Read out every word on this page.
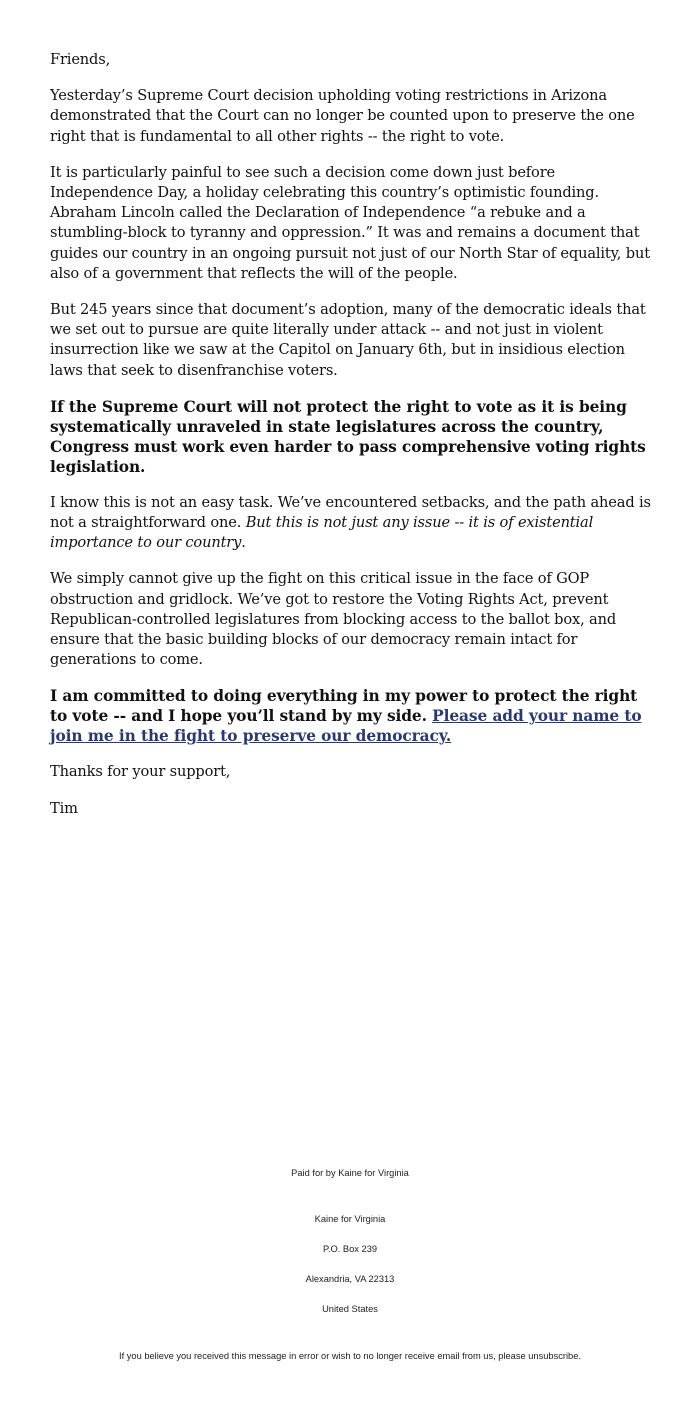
Friends,

Yesterday’s Supreme Court decision upholding voting restrictions in Arizona demonstrated that the Court can no longer be counted upon to preserve the one right that is fundamental to all other rights -- the right to vote.

It is particularly painful to see such a decision come down just before Independence Day, a holiday celebrating this country’s optimistic founding. Abraham Lincoln called the Declaration of Independence “a rebuke and a stumbling-block to tyranny and oppression.” It was and remains a document that guides our country in an ongoing pursuit not just of our North Star of equality, but also of a government that reflects the will of the people.

But 245 years since that document’s adoption, many of the democratic ideals that we set out to pursue are quite literally under attack -- and not just in violent insurrection like we saw at the Capitol on January 6th, but in insidious election laws that seek to disenfranchise voters.

If the Supreme Court will not protect the right to vote as it is being systematically unraveled in state legislatures across the country, Congress must work even harder to pass comprehensive voting rights legislation.

I know this is not an easy task. We’ve encountered setbacks, and the path ahead is not a straightforward one. But this is not just any issue -- it is of existential importance to our country.

We simply cannot give up the fight on this critical issue in the face of GOP obstruction and gridlock. We’ve got to restore the Voting Rights Act, prevent Republican-controlled legislatures from blocking access to the ballot box, and ensure that the basic building blocks of our democracy remain intact for generations to come.

I am committed to doing everything in my power to protect the right to vote -- and I hope you’ll stand by my side. Please add your name to join me in the fight to preserve our democracy.

Thanks for your support,

Tim

Paid for by Kaine for Virginia
Kaine for Virginia
P.O. Box 239
Alexandria, VA 22313
United States
If you believe you received this message in error or wish to no longer receive email from us, please unsubscribe.
